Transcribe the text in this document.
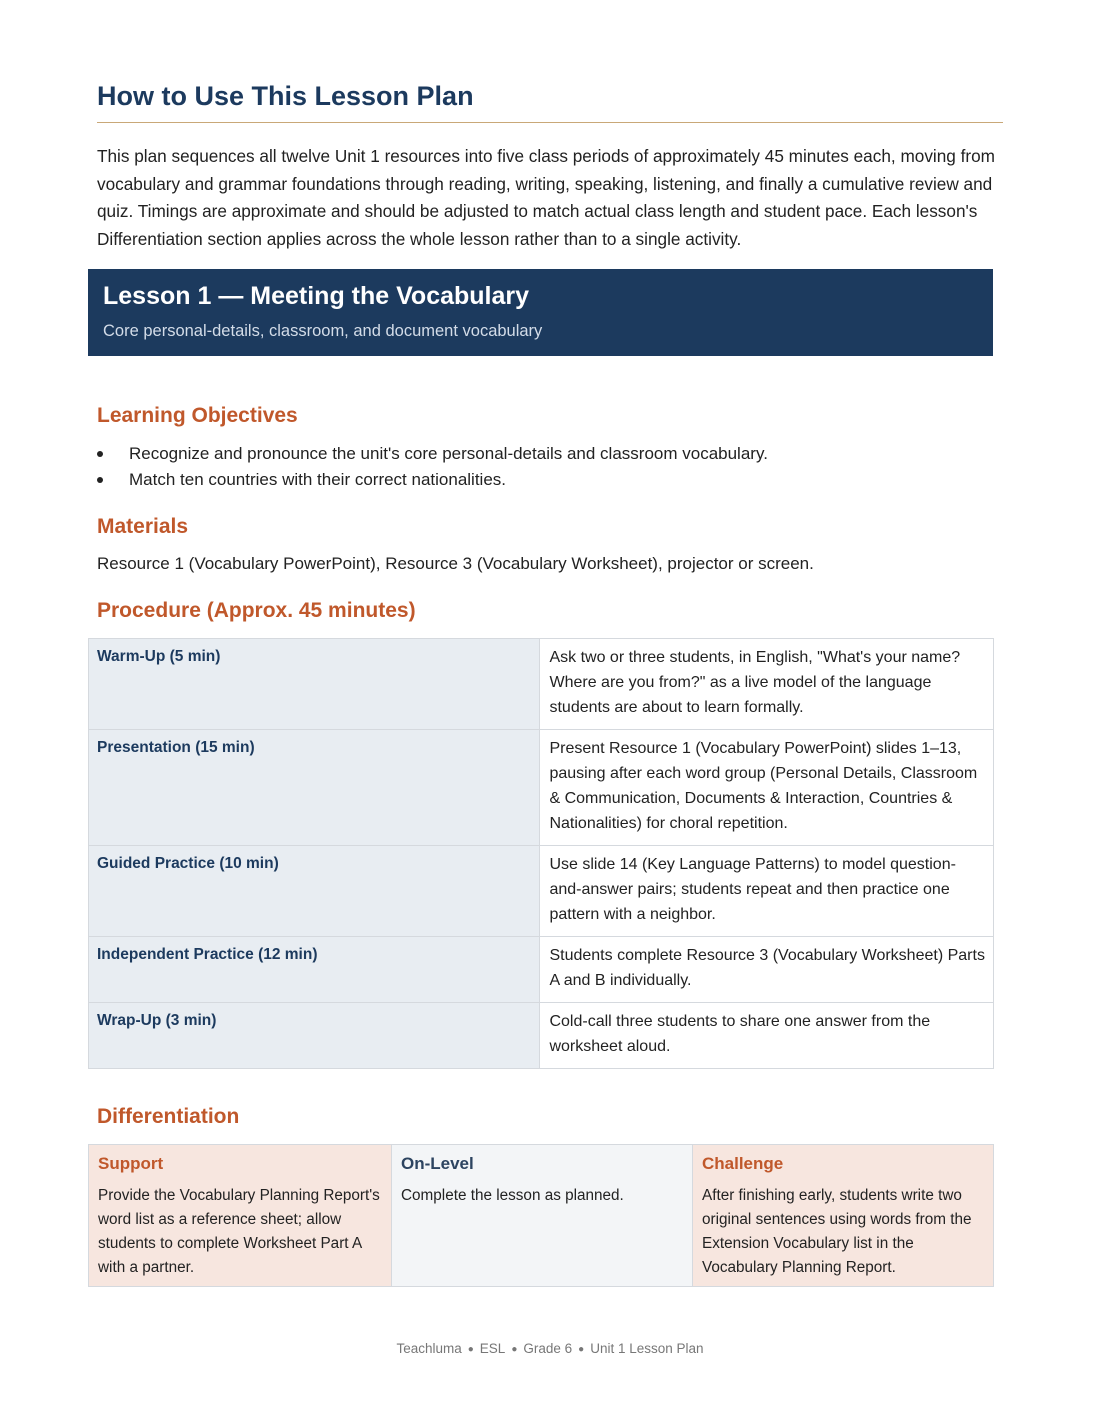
How to Use This Lesson Plan
This plan sequences all twelve Unit 1 resources into five class periods of approximately 45 minutes each, moving from vocabulary and grammar foundations through reading, writing, speaking, listening, and finally a cumulative review and quiz. Timings are approximate and should be adjusted to match actual class length and student pace. Each lesson's Differentiation section applies across the whole lesson rather than to a single activity.
Lesson 1 — Meeting the Vocabulary
Core personal-details, classroom, and document vocabulary
Learning Objectives
Recognize and pronounce the unit's core personal-details and classroom vocabulary.
Match ten countries with their correct nationalities.
Materials
Resource 1 (Vocabulary PowerPoint), Resource 3 (Vocabulary Worksheet), projector or screen.
Procedure (Approx. 45 minutes)
Warm-Up (5 min)	Ask two or three students, in English, "What's your name? Where are you from?" as a live model of the language students are about to learn formally.
Presentation (15 min)	Present Resource 1 (Vocabulary PowerPoint) slides 1–13, pausing after each word group (Personal Details, Classroom & Communication, Documents & Interaction, Countries & Nationalities) for choral repetition.
Guided Practice (10 min)	Use slide 14 (Key Language Patterns) to model question-and-answer pairs; students repeat and then practice one pattern with a neighbor.
Independent Practice (12 min)	Students complete Resource 3 (Vocabulary Worksheet) Parts A and B individually.
Wrap-Up (3 min)	Cold-call three students to share one answer from the worksheet aloud.
Differentiation
Support
Provide the Vocabulary Planning Report's word list as a reference sheet; allow students to complete Worksheet Part A with a partner.
On-Level
Complete the lesson as planned.
Challenge
After finishing early, students write two original sentences using words from the Extension Vocabulary list in the Vocabulary Planning Report.
Teachluma ● ESL ● Grade 6 ● Unit 1 Lesson Plan
